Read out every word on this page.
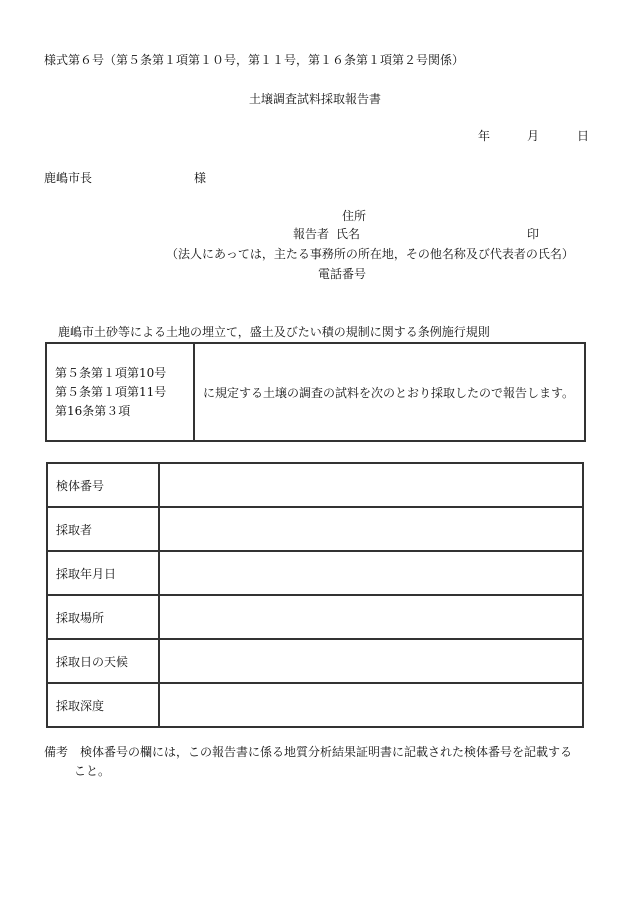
様式第６号（第５条第１項第１０号，第１１号，第１６条第１項第２号関係）
土壌調査試料採取報告書
年	月	日
鹿嶋市長	様
住所
報告者 氏名	印
（法人にあっては，主たる事務所の所在地，その他名称及び代表者の氏名）
電話番号
鹿嶋市土砂等による土地の埋立て，盛土及びたい積の規制に関する条例施行規則
第５条第１項第10号
第５条第１項第11号
第16条第３項
	に規定する土壌の調査の試料を次のとおり採取したので報告します。
検体番号	
採取者	
採取年月日	
採取場所	
採取日の天候	
採取深度	
備考　検体番号の欄には，この報告書に係る地質分析結果証明書に記載された検体番号を記載する
こと。
